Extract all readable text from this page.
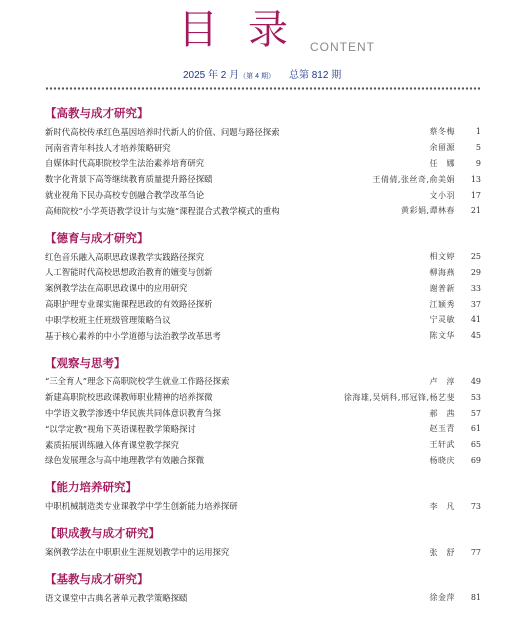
目录
CONTENT
2025 年 2 月（第 4 期） 总第 812 期
【高教与成才研究】
新时代高校传承红色基因培养时代新人的价值、问题与路径探索	蔡冬梅	1
河南省青年科技人才培养策略研究	余留源	5
自媒体时代高职院校学生法治素养培育研究	任　娜	9
数字化背景下高等继续教育质量提升路径探赜	王倩倩,张丝奇,俞美娟	13
就业视角下民办高校专创融合教学改革刍论	文小羽	17
高师院校“小学英语教学设计与实施”课程混合式教学模式的重构	黄彩娟,谭林春	21
【德育与成才研究】
红色音乐融入高职思政课教学实践路径探究	相文婷	25
人工智能时代高校思想政治教育的嬗变与创新	柳海燕	29
案例教学法在高职思政课中的应用研究	谢普新	33
高职护理专业课实施课程思政的有效路径探析	江颖秀	37
中职学校班主任班级管理策略刍议	宁灵敏	41
基于核心素养的中小学道德与法治教学改革思考	陈文华	45
【观察与思考】
“三全育人”理念下高职院校学生就业工作路径探索	卢　淳	49
新建高职院校思政课教师职业精神的培养探微	徐海雄,吴炳科,邢冠锋,杨艺斐	53
中学语文教学渗透中华民族共同体意识教育刍探	郝　茜	57
“以学定教”视角下英语课程教学策略探讨	赵玉青	61
素质拓展训练融入体育课堂教学探究	王轩武	65
绿色发展理念与高中地理教学有效融合探微	杨晓庆	69
【能力培养研究】
中职机械制造类专业课教学中学生创新能力培养探研	李　凡	73
【职成教与成才研究】
案例教学法在中职职业生涯规划教学中的运用探究	张　舒	77
【基教与成才研究】
语文课堂中古典名著单元教学策略探赜	徐金萍	81
